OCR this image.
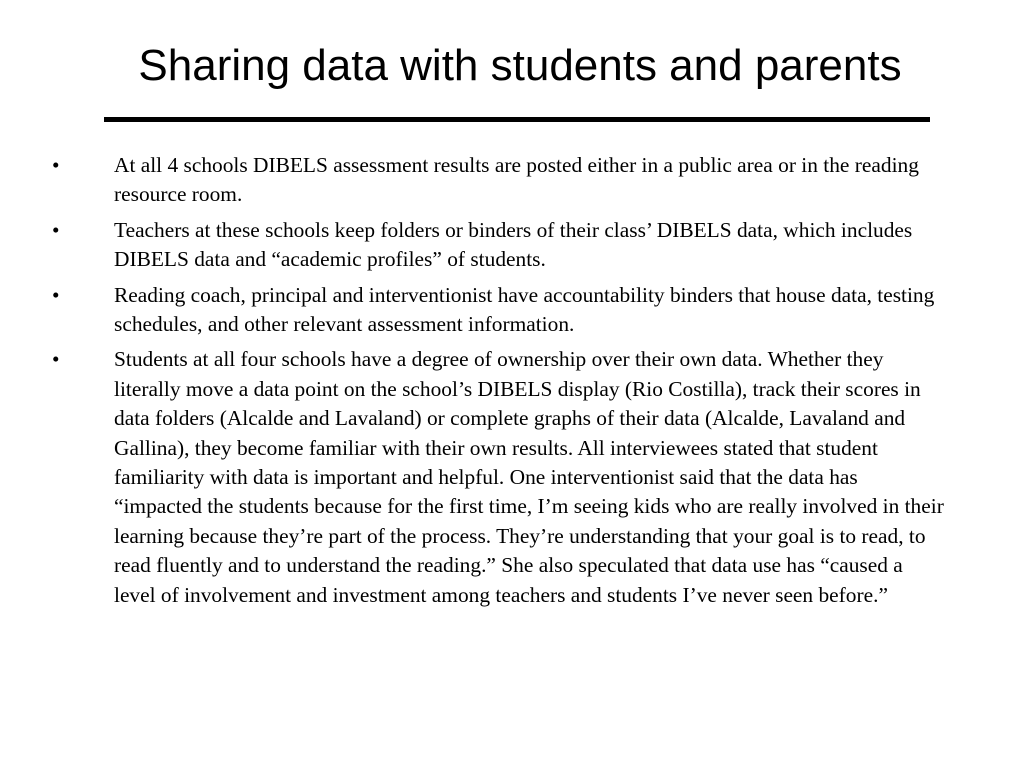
Sharing data with students and parents
•	At all 4 schools DIBELS assessment results are posted either in a public area or in the reading resource room.
•	Teachers at these schools keep folders or binders of their class’ DIBELS data, which includes DIBELS data and “academic profiles” of students.
•	Reading coach, principal and interventionist have accountability binders that house data, testing schedules, and other relevant assessment information.
•	Students at all four schools have a degree of ownership over their own data. Whether they literally move a data point on the school’s DIBELS display (Rio Costilla), track their scores in data folders (Alcalde and Lavaland) or complete graphs of their data (Alcalde, Lavaland and Gallina), they become familiar with their own results. All interviewees stated that student familiarity with data is important and helpful. One interventionist said that the data has “impacted the students because for the first time, I’m seeing kids who are really involved in their learning because they’re part of the process. They’re understanding that your goal is to read, to read fluently and to understand the reading.” She also speculated that data use has “caused a level of involvement and investment among teachers and students I’ve never seen before.”
